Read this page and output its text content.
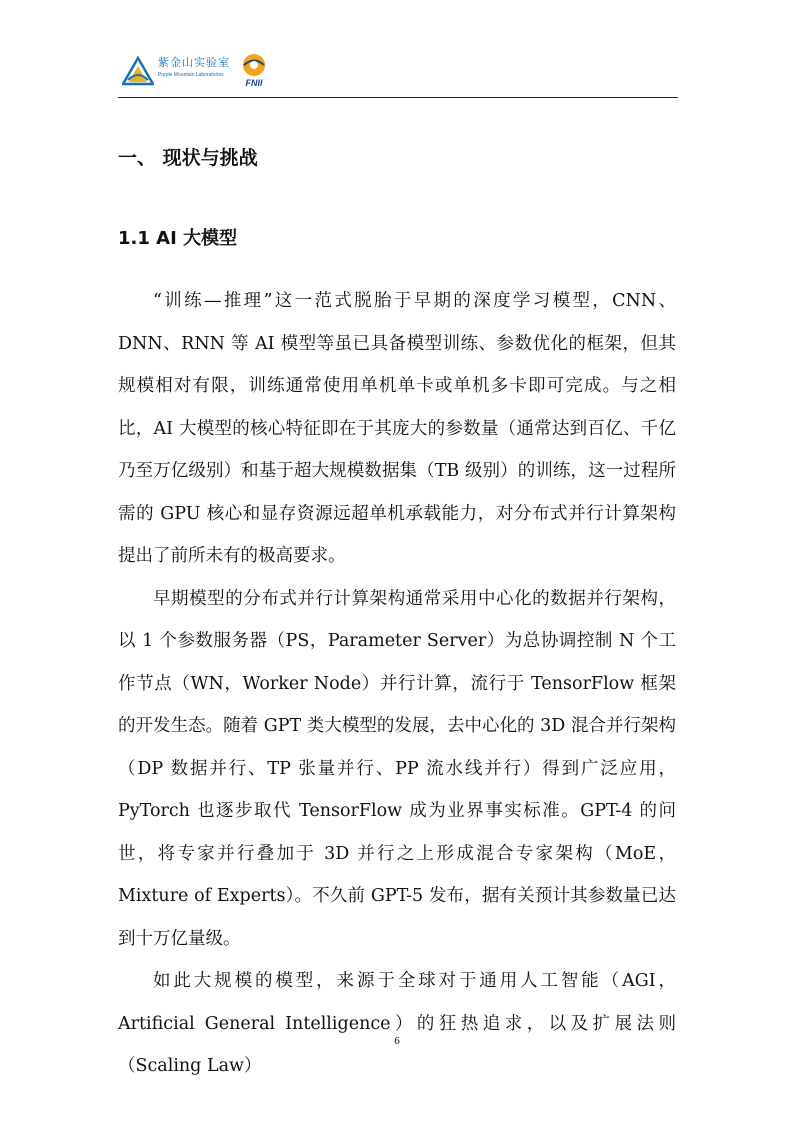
紫金山实验室
Purple Mountain Laboratories
FNII
一、 现状与挑战
1.1 AI 大模型

“训练—推理”这一范式脱胎于早期的深度学习模型，CNN、DNN、RNN 等 AI 模型等虽已具备模型训练、参数优化的框架，但其规模相对有限，训练通常使用单机单卡或单机多卡即可完成。与之相比，AI 大模型的核心特征即在于其庞大的参数量（通常达到百亿、千亿乃至万亿级别）和基于超大规模数据集（TB 级别）的训练，这一过程所需的 GPU 核心和显存资源远超单机承载能力，对分布式并行计算架构提出了前所未有的极高要求。

早期模型的分布式并行计算架构通常采用中心化的数据并行架构，以 1 个参数服务器（PS，Parameter Server）为总协调控制 N 个工作节点（WN，Worker Node）并行计算，流行于 TensorFlow 框架的开发生态。随着 GPT 类大模型的发展，去中心化的 3D 混合并行架构（DP 数据并行、TP 张量并行、PP 流水线并行）得到广泛应用，PyTorch 也逐步取代 TensorFlow 成为业界事实标准。GPT-4 的问世，将专家并行叠加于 3D 并行之上形成混合专家架构（MoE，Mixture of Experts）。不久前 GPT-5 发布，据有关预计其参数量已达到十万亿量级。

如此大规模的模型，来源于全球对于通用人工智能（AGI，Artificial General Intelligence）的狂热追求，以及扩展法则（Scaling Law）

6
